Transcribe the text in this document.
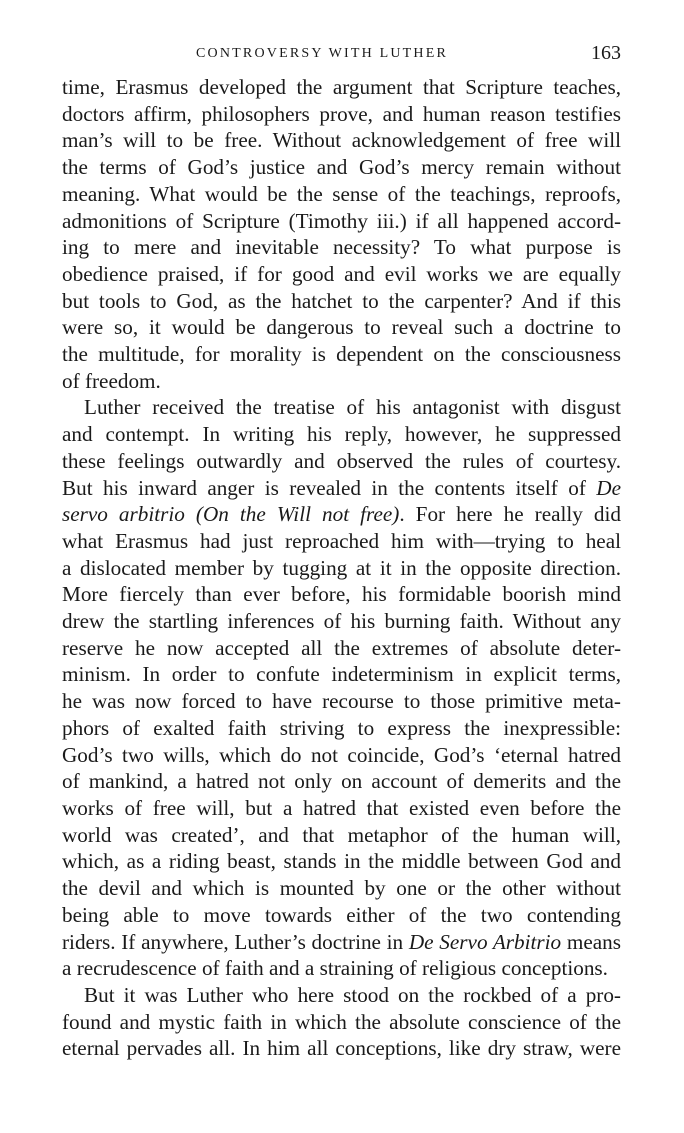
CONTROVERSY WITH LUTHER	163

time, Erasmus developed the argument that Scripture teaches,
doctors affirm, philosophers prove, and human reason testifies
man’s will to be free. Without acknowledgement of free will
the terms of God’s justice and God’s mercy remain without
meaning. What would be the sense of the teachings, reproofs,
admonitions of Scripture (Timothy iii.) if all happened accord-
ing to mere and inevitable necessity? To what purpose is
obedience praised, if for good and evil works we are equally
but tools to God, as the hatchet to the carpenter? And if this
were so, it would be dangerous to reveal such a doctrine to
the multitude, for morality is dependent on the consciousness
of freedom.

Luther received the treatise of his antagonist with disgust
and contempt. In writing his reply, however, he suppressed
these feelings outwardly and observed the rules of courtesy.
But his inward anger is revealed in the contents itself of De
servo arbitrio (On the Will not free). For here he really did
what Erasmus had just reproached him with—trying to heal
a dislocated member by tugging at it in the opposite direction.
More fiercely than ever before, his formidable boorish mind
drew the startling inferences of his burning faith. Without any
reserve he now accepted all the extremes of absolute deter-
minism. In order to confute indeterminism in explicit terms,
he was now forced to have recourse to those primitive meta-
phors of exalted faith striving to express the inexpressible:
God’s two wills, which do not coincide, God’s ‘eternal hatred
of mankind, a hatred not only on account of demerits and the
works of free will, but a hatred that existed even before the
world was created’, and that metaphor of the human will,
which, as a riding beast, stands in the middle between God and
the devil and which is mounted by one or the other without
being able to move towards either of the two contending
riders. If anywhere, Luther’s doctrine in De Servo Arbitrio means
a recrudescence of faith and a straining of religious conceptions.

But it was Luther who here stood on the rockbed of a pro-
found and mystic faith in which the absolute conscience of the
eternal pervades all. In him all conceptions, like dry straw, were
